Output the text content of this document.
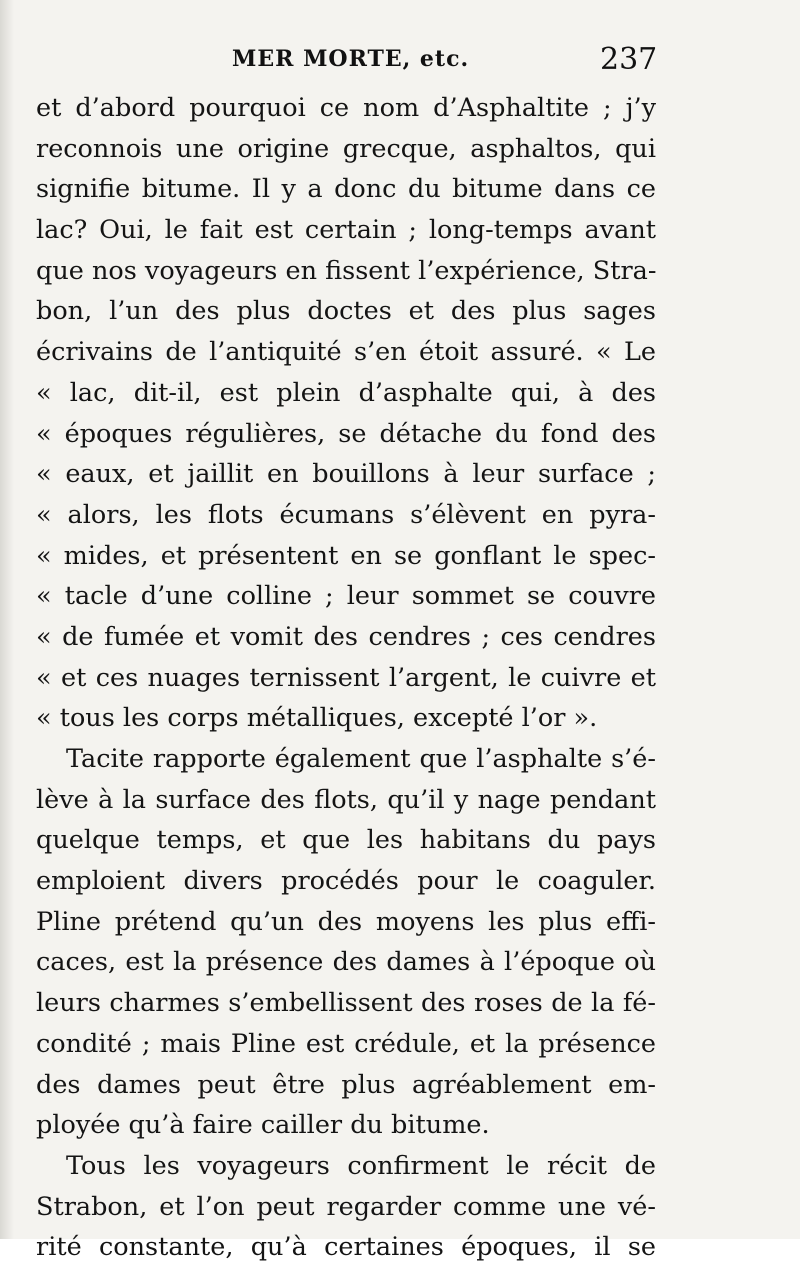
MER MORTE, etc.	237
et d’abord pourquoi ce nom d’Asphaltite ; j’y
reconnois une origine grecque, asphaltos, qui
signifie bitume. Il y a donc du bitume dans ce
lac? Oui, le fait est certain ; long-temps avant
que nos voyageurs en fissent l’expérience, Stra-
bon, l’un des plus doctes et des plus sages
écrivains de l’antiquité s’en étoit assuré. « Le
« lac, dit-il, est plein d’asphalte qui, à des
« époques régulières, se détache du fond des
« eaux, et jaillit en bouillons à leur surface ;
« alors, les flots écumans s’élèvent en pyra-
« mides, et présentent en se gonflant le spec-
« tacle d’une colline ; leur sommet se couvre
« de fumée et vomit des cendres ; ces cendres
« et ces nuages ternissent l’argent, le cuivre et
« tous les corps métalliques, excepté l’or ».
Tacite rapporte également que l’asphalte s’é-
lève à la surface des flots, qu’il y nage pendant
quelque temps, et que les habitans du pays
emploient divers procédés pour le coaguler.
Pline prétend qu’un des moyens les plus effi-
caces, est la présence des dames à l’époque où
leurs charmes s’embellissent des roses de la fé-
condité ; mais Pline est crédule, et la présence
des dames peut être plus agréablement em-
ployée qu’à faire cailler du bitume.
Tous les voyageurs confirment le récit de
Strabon, et l’on peut regarder comme une vé-
rité constante, qu’à certaines époques, il se
